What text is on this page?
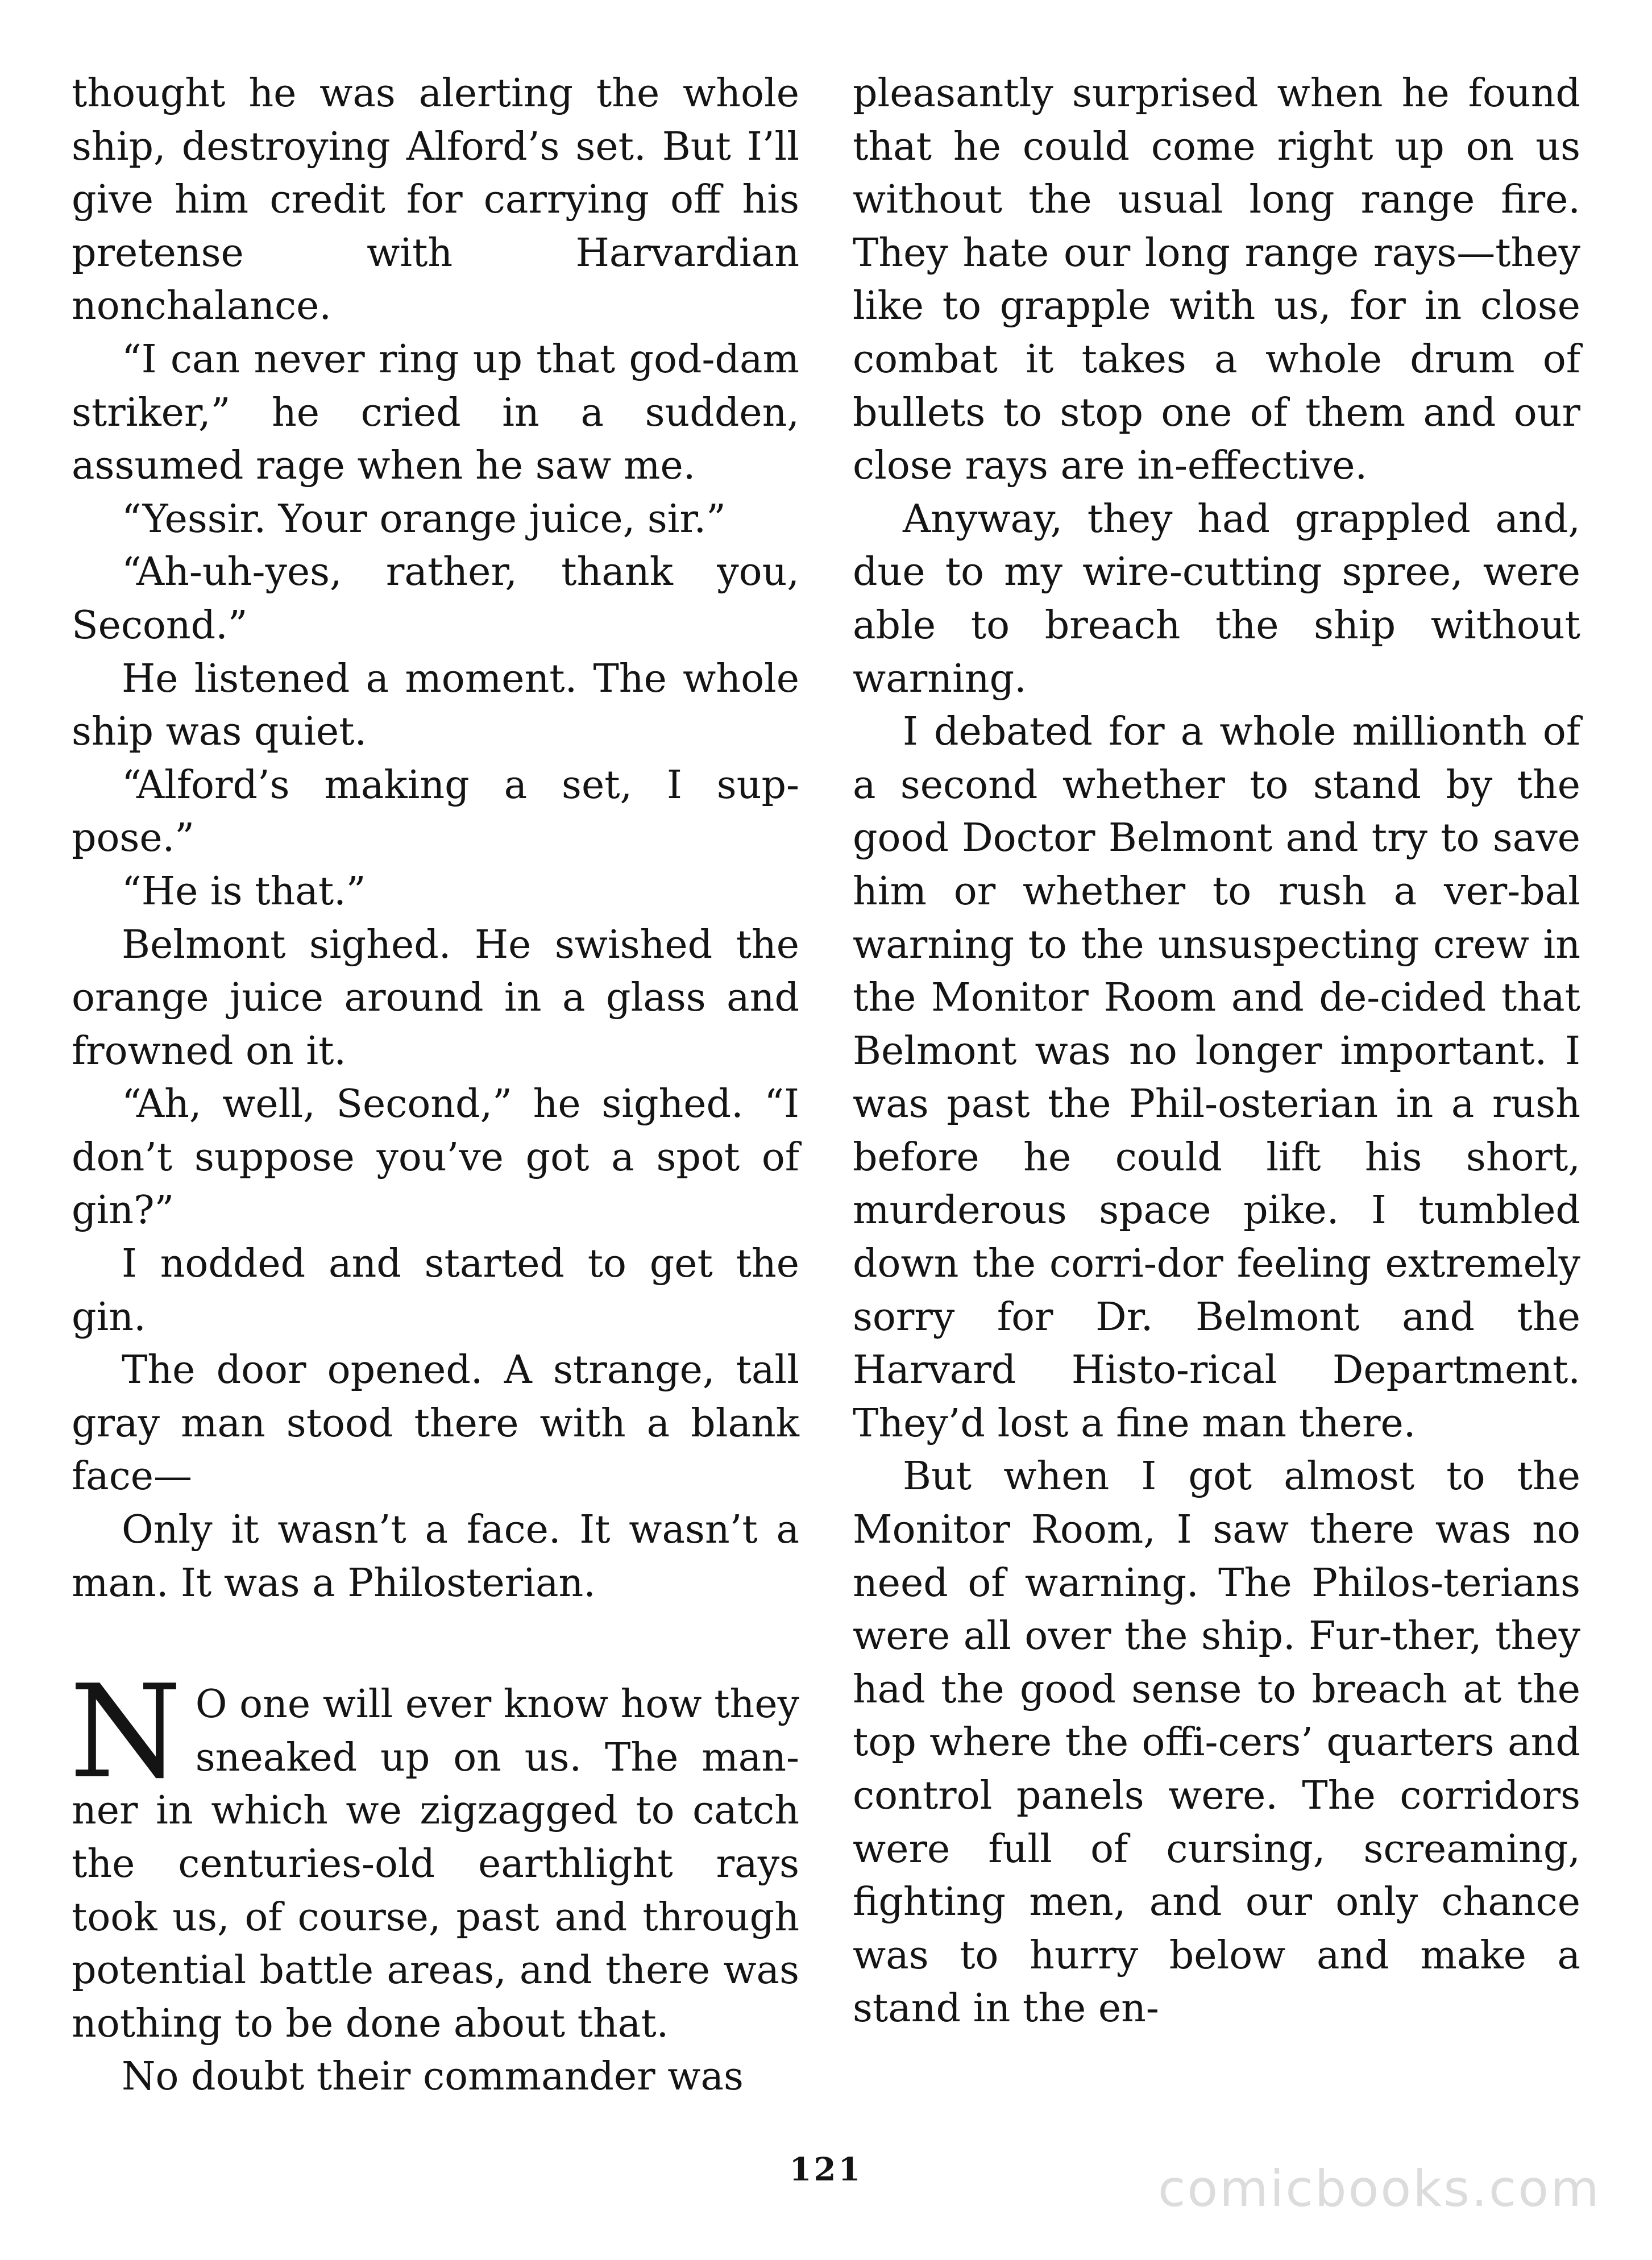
thought he was alerting the whole ship, destroying Alford’s set. But I’ll give him credit for carrying off his pretense with Harvardian nonchalance.

“I can never ring up that god-dam striker,” he cried in a sudden, assumed rage when he saw me.

“Yessir. Your orange juice, sir.”

“Ah-uh-yes, rather, thank you, Second.”

He listened a moment. The whole ship was quiet.

“Alford’s making a set, I sup-pose.”

“He is that.”

Belmont sighed. He swished the orange juice around in a glass and frowned on it.

“Ah, well, Second,” he sighed. “I don’t suppose you’ve got a spot of gin?”

I nodded and started to get the gin.

The door opened. A strange, tall gray man stood there with a blank face—

Only it wasn’t a face. It wasn’t a man. It was a Philosterian.

N O one will ever know how they sneaked up on us. The man-ner in which we zigzagged to catch the centuries-old earthlight rays took us, of course, past and through potential battle areas, and there was nothing to be done about that.

No doubt their commander was

pleasantly surprised when he found that he could come right up on us without the usual long range fire. They hate our long range rays—they like to grapple with us, for in close combat it takes a whole drum of bullets to stop one of them and our close rays are in-effective.

Anyway, they had grappled and, due to my wire-cutting spree, were able to breach the ship without warning.

I debated for a whole millionth of a second whether to stand by the good Doctor Belmont and try to save him or whether to rush a ver-bal warning to the unsuspecting crew in the Monitor Room and de-cided that Belmont was no longer important. I was past the Phil-osterian in a rush before he could lift his short, murderous space pike. I tumbled down the corri-dor feeling extremely sorry for Dr. Belmont and the Harvard Histo-rical Department. They’d lost a fine man there.

But when I got almost to the Monitor Room, I saw there was no need of warning. The Philos-terians were all over the ship. Fur-ther, they had the good sense to breach at the top where the offi-cers’ quarters and control panels were. The corridors were full of cursing, screaming, fighting men, and our only chance was to hurry below and make a stand in the en-

121	comicbooks.com
